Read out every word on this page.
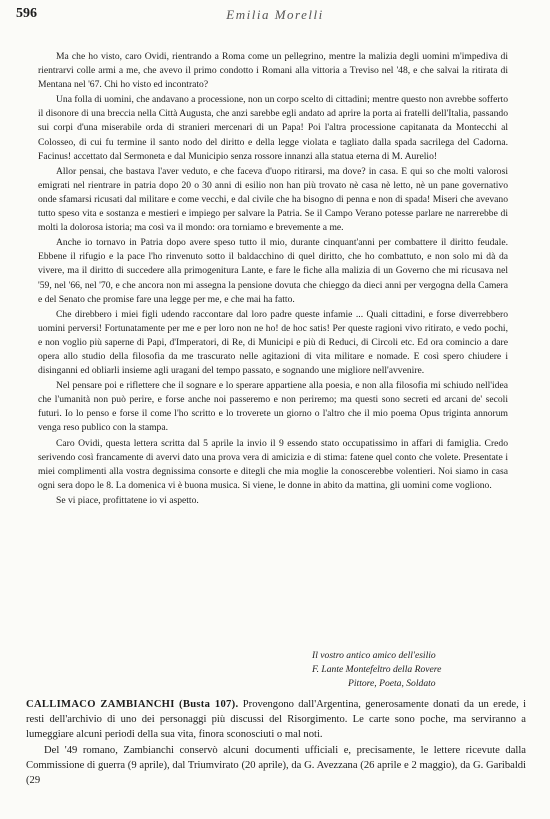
596	Emilia Morelli

Ma che ho visto, caro Ovidi, rientrando a Roma come un pellegrino, mentre la malizia degli uomini m'impediva di rientrarvi colle armi a me, che avevo il primo condotto i Romani alla vittoria a Treviso nel '48, e che salvai la ritirata di Mentana nel '67. Chi ho visto ed incontrato?

Una folla di uomini, che andavano a processione, non un corpo scelto di cittadini; mentre questo non avrebbe sofferto il disonore di una breccia nella Città Augusta, che anzi sarebbe egli andato ad aprire la porta ai fratelli dell'Italia, passando sui corpi d'una miserabile orda di stranieri mercenari di un Papa! Poi l'altra processione capitanata da Montecchi al Colosseo, di cui fu termine il santo nodo del diritto e della legge violata e tagliato dalla spada sacrilega del Cadorna. Facinus! accettato dal Sermoneta e dal Municipio senza rossore innanzi alla statua eterna di M. Aurelio!

Allor pensai, che bastava l'aver veduto, e che faceva d'uopo ritirarsi, ma dove? in casa. E qui so che molti valorosi emigrati nel rientrare in patria dopo 20 o 30 anni di esilio non han più trovato nè casa nè letto, nè un pane governativo onde sfamarsi ricusati dal militare e come vecchi, e dal civile che ha bisogno di penna e non di spada! Miseri che avevano tutto speso vita e sostanza e mestieri e impiego per salvare la Patria. Se il Campo Verano potesse parlare ne narrerebbe di molti la dolorosa istoria; ma così va il mondo: ora torniamo e brevemente a me.

Anche io tornavo in Patria dopo avere speso tutto il mio, durante cinquant'anni per combattere il diritto feudale. Ebbene il rifugio e la pace l'ho rinvenuto sotto il baldacchino di quel diritto, che ho combattuto, e non solo mi dà da vivere, ma il diritto di succedere alla primogenitura Lante, e fare le fiche alla malizia di un Governo che mi ricusava nel '59, nel '66, nel '70, e che ancora non mi assegna la pensione dovuta che chieggo da dieci anni per vergogna della Camera e del Senato che promise fare una legge per me, e che mai ha fatto.

Che direbbero i miei figli udendo raccontare dal loro padre queste infamie ... Quali cittadini, e forse diverrebbero uomini perversi! Fortunatamente per me e per loro non ne ho! de hoc satis! Per queste ragioni vivo ritirato, e vedo pochi, e non voglio più saperne di Papi, d'Imperatori, di Re, di Municipi e più di Reduci, di Circoli etc. Ed ora comincio a dare opera allo studio della filosofia da me trascurato nelle agitazioni di vita militare e nomade. E così spero chiudere i disinganni ed obliarli insieme agli uragani del tempo passato, e sognando une migliore nell'avvenire.

Nel pensare poi e riflettere che il sognare e lo sperare appartiene alla poesia, e non alla filosofia mi schiudo nell'idea che l'umanità non può perire, e forse anche noi passeremo e non periremo; ma questi sono secreti ed arcani de' secoli futuri. Io lo penso e forse il come l'ho scritto e lo troverete un giorno o l'altro che il mio poema Opus triginta annorum venga reso publico con la stampa.

Caro Ovidi, questa lettera scritta dal 5 aprile la invio il 9 essendo stato occupatissimo in affari di famiglia. Credo serivendo così francamente di avervi dato una prova vera di amicizia e di stima: fatene quel conto che volete. Presentate i miei complimenti alla vostra degnissima consorte e ditegli che mia moglie la conoscerebbe volentieri. Noi siamo in casa ogni sera dopo le 8. La domenica vi è buona musica. Si viene, le donne in abito da mattina, gli uomini come vogliono.

Se vi piace, profittatene io vi aspetto.

Il vostro antico amico dell'esilio
F. Lante Montefeltro della Rovere
Pittore, Poeta, Soldato

CALLIMACO ZAMBIANCHI (Busta 107). Provengono dall'Argentina, generosamente donati da un erede, i resti dell'archivio di uno dei personaggi più discussi del Risorgimento. Le carte sono poche, ma serviranno a lumeggiare alcuni periodi della sua vita, finora sconosciuti o mal noti.

Del '49 romano, Zambianchi conservò alcuni documenti ufficiali e, precisamente, le lettere ricevute dalla Commissione di guerra (9 aprile), dal Triumvirato (20 aprile), da G. Avezzana (26 aprile e 2 maggio), da G. Garibaldi (29
